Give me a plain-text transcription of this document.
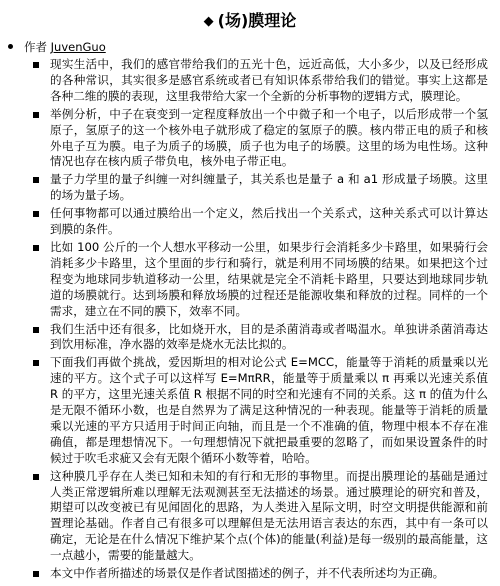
◆ (场)膜理论
作者 JuvenGuo
现实生活中，我们的感官带给我们的五光十色，远近高低，大小多少，以及已经形成的各种常识，其实很多是感官系统或者已有知识体系带给我们的错觉。事实上这都是各种二维的膜的表现，这里我带给大家一个全新的分析事物的逻辑方式，膜理论。
举例分析，中子在衰变到一定程度释放出一个中微子和一个电子，以后形成带一个氢原子，氢原子的这一个核外电子就形成了稳定的氢原子的膜。核内带正电的质子和核外电子互为膜。电子为质子的场膜，质子也为电子的场膜。这里的场为电性场。这种情况也存在核内质子带负电，核外电子带正电。
量子力学里的量子纠缠一对纠缠量子，其关系也是量子 a 和 a1 形成量子场膜。这里的场为量子场。
任何事物都可以通过膜给出一个定义，然后找出一个关系式，这种关系式可以计算达到膜的条件。
比如 100 公斤的一个人想水平移动一公里，如果步行会消耗多少卡路里，如果骑行会消耗多少卡路里，这个里面的步行和骑行，就是利用不同场膜的结果。如果把这个过程变为地球同步轨道移动一公里，结果就是完全不消耗卡路里，只要达到地球同步轨道的场膜就行。达到场膜和释放场膜的过程还是能源收集和释放的过程。同样的一个需求，建立在不同的膜下，效率不同。
我们生活中还有很多，比如烧开水，目的是杀菌消毒或者喝温水。单独讲杀菌消毒达到饮用标准，净水器的效率是烧水无法比拟的。
下面我们再做个挑战，爱因斯坦的相对论公式 E=MCC，能量等于消耗的质量乘以光速的平方。这个式子可以这样写 E=MπRR，能量等于质量乘以 π 再乘以光速关系值 R 的平方，这里光速关系值 R 根据不同的时空和光速有不同的关系。这 π 的值为什么是无限不循环小数，也是自然界为了满足这种情况的一种表现。能量等于消耗的质量乘以光速的平方只适用于时间正向轴，而且是一个不准确的值，物理中根本不存在准确值，都是理想情况下。一句理想情况下就把最重要的忽略了，而如果设置条件的时候过于吹毛求疵又会有无限个循环小数等着，哈哈。
这种膜几乎存在人类已知和未知的有行和无形的事物里。而提出膜理论的基础是通过人类正常逻辑所难以理解无法观测甚至无法描述的场景。通过膜理论的研究和普及，期望可以改变被已有见闻固化的思路，为人类进入星际文明，时空文明提供能源和前置理论基础。作者自己有很多可以理解但是无法用语言表达的东西，其中有一条可以确定，无论是在什么情况下维护某个点(个体)的能量(利益)是每一级别的最高能量，这一点越小，需要的能量越大。
本文中作者所描述的场景仅是作者试图描述的例子，并不代表所述均为正确。
